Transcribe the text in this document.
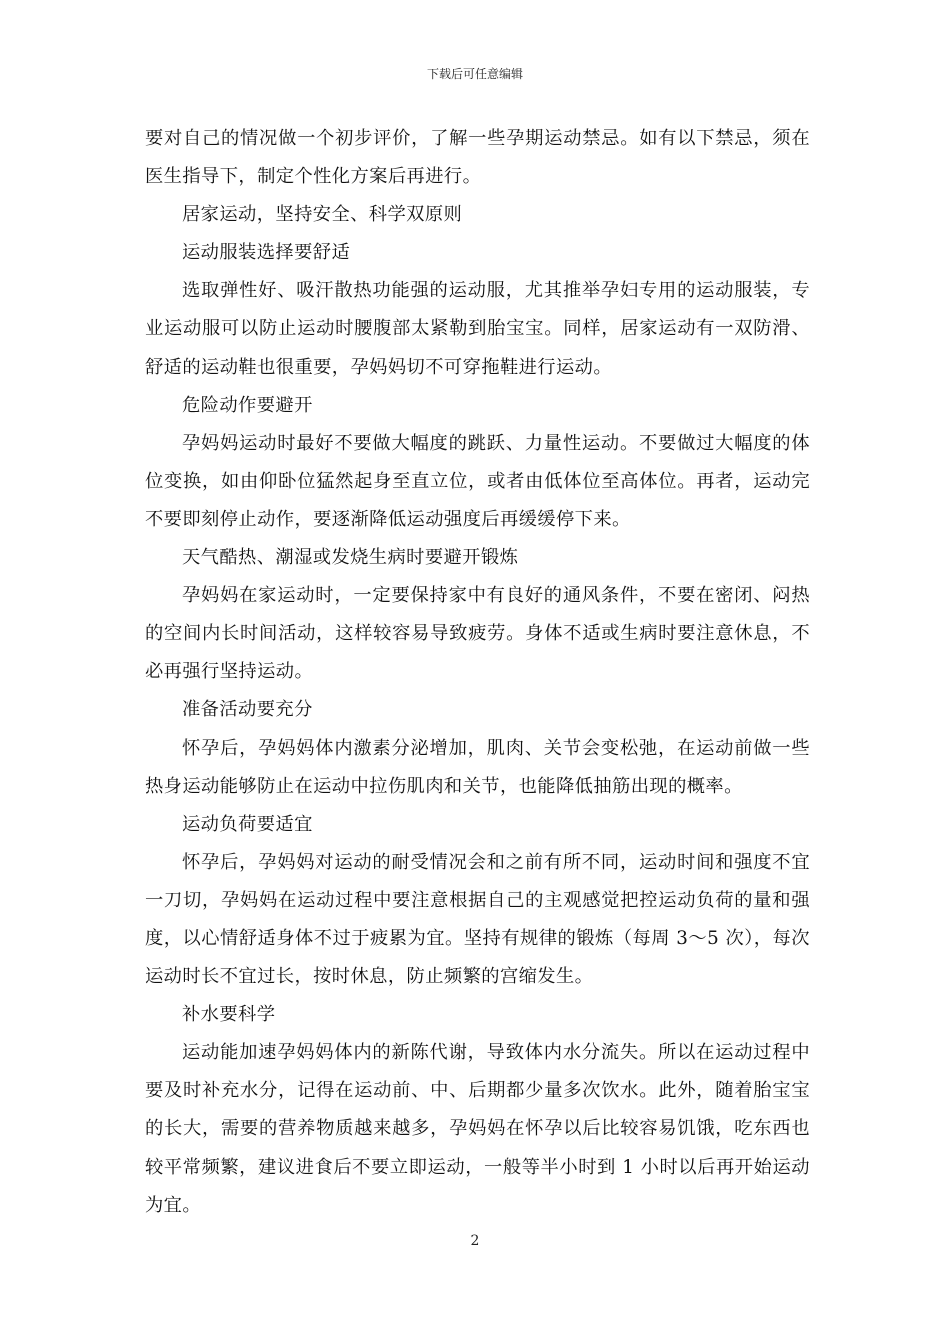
下载后可任意编辑

要对自己的情况做一个初步评价，了解一些孕期运动禁忌。如有以下禁忌，须在医生指导下，制定个性化方案后再进行。

居家运动，坚持安全、科学双原则

运动服装选择要舒适

选取弹性好、吸汗散热功能强的运动服，尤其推举孕妇专用的运动服装，专业运动服可以防止运动时腰腹部太紧勒到胎宝宝。同样，居家运动有一双防滑、舒适的运动鞋也很重要，孕妈妈切不可穿拖鞋进行运动。

危险动作要避开

孕妈妈运动时最好不要做大幅度的跳跃、力量性运动。不要做过大幅度的体位变换，如由仰卧位猛然起身至直立位，或者由低体位至高体位。再者，运动完不要即刻停止动作，要逐渐降低运动强度后再缓缓停下来。

天气酷热、潮湿或发烧生病时要避开锻炼

孕妈妈在家运动时，一定要保持家中有良好的通风条件，不要在密闭、闷热的空间内长时间活动，这样较容易导致疲劳。身体不适或生病时要注意休息，不必再强行坚持运动。

准备活动要充分

怀孕后，孕妈妈体内激素分泌增加，肌肉、关节会变松弛，在运动前做一些热身运动能够防止在运动中拉伤肌肉和关节，也能降低抽筋出现的概率。

运动负荷要适宜

怀孕后，孕妈妈对运动的耐受情况会和之前有所不同，运动时间和强度不宜一刀切，孕妈妈在运动过程中要注意根据自己的主观感觉把控运动负荷的量和强度，以心情舒适身体不过于疲累为宜。坚持有规律的锻炼（每周 3～5 次），每次运动时长不宜过长，按时休息，防止频繁的宫缩发生。

补水要科学

运动能加速孕妈妈体内的新陈代谢，导致体内水分流失。所以在运动过程中要及时补充水分，记得在运动前、中、后期都少量多次饮水。此外，随着胎宝宝的长大，需要的营养物质越来越多，孕妈妈在怀孕以后比较容易饥饿，吃东西也较平常频繁，建议进食后不要立即运动，一般等半小时到 1 小时以后再开始运动为宜。

2
